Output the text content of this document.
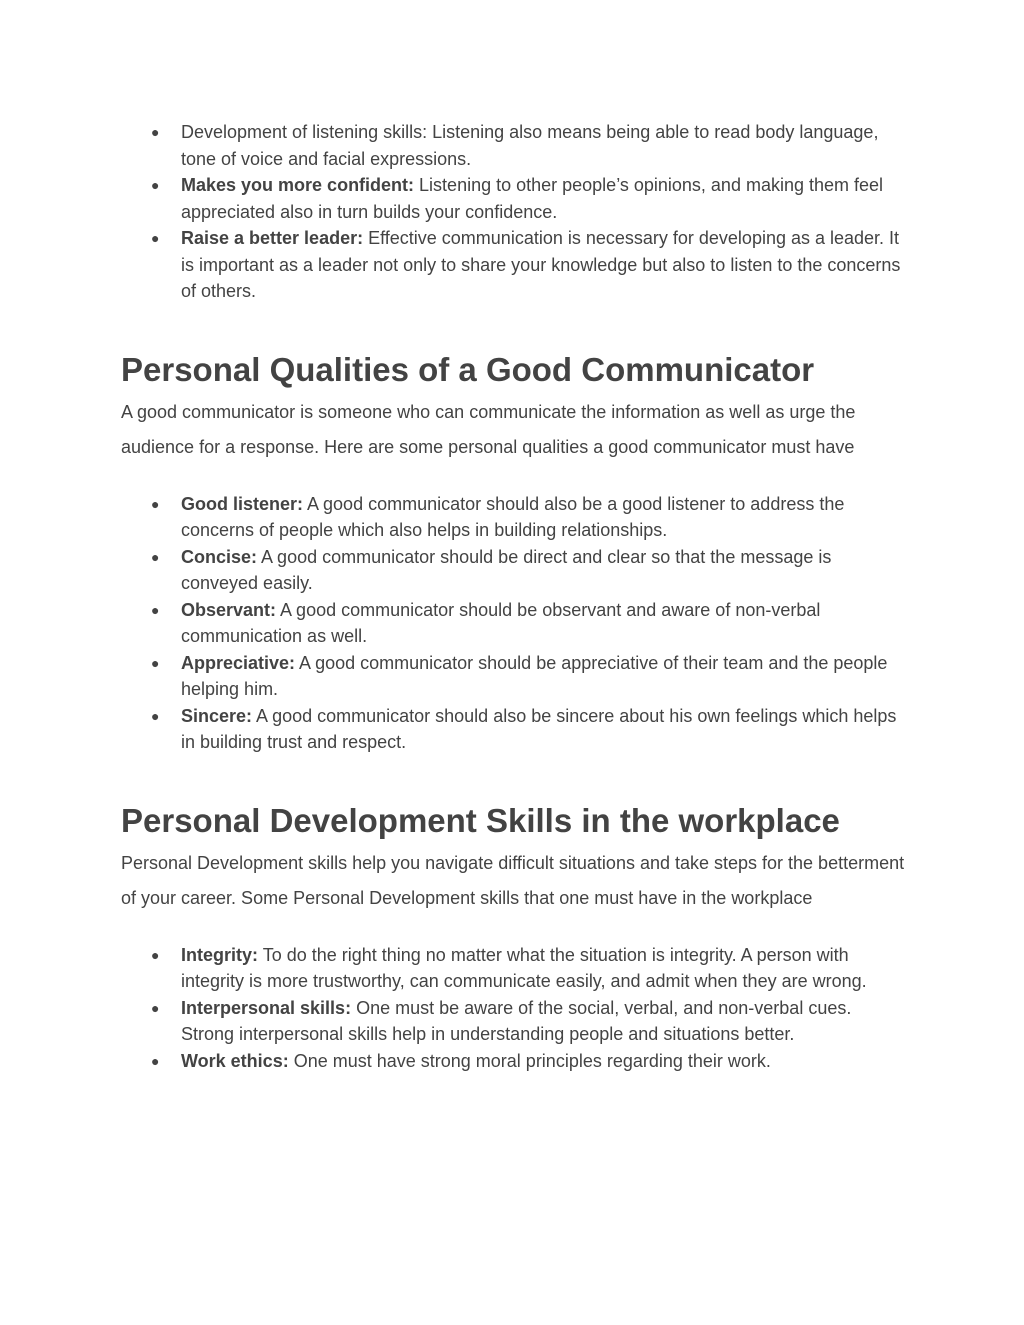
● Development of listening skills: Listening also means being able to read body language, tone of voice and facial expressions.
● Makes you more confident: Listening to other people’s opinions, and making them feel appreciated also in turn builds your confidence.
● Raise a better leader: Effective communication is necessary for developing as a leader. It is important as a leader not only to share your knowledge but also to listen to the concerns of others.
Personal Qualities of a Good Communicator

A good communicator is someone who can communicate the information as well as urge the audience for a response. Here are some personal qualities a good communicator must have

● Good listener: A good communicator should also be a good listener to address the concerns of people which also helps in building relationships.
● Concise: A good communicator should be direct and clear so that the message is conveyed easily.
● Observant: A good communicator should be observant and aware of non-verbal communication as well.
● Appreciative: A good communicator should be appreciative of their team and the people helping him.
● Sincere: A good communicator should also be sincere about his own feelings which helps in building trust and respect.
Personal Development Skills in the workplace

Personal Development skills help you navigate difficult situations and take steps for the betterment of your career. Some Personal Development skills that one must have in the workplace

● Integrity: To do the right thing no matter what the situation is integrity. A person with integrity is more trustworthy, can communicate easily, and admit when they are wrong.
● Interpersonal skills: One must be aware of the social, verbal, and non-verbal cues. Strong interpersonal skills help in understanding people and situations better.
● Work ethics: One must have strong moral principles regarding their work.
